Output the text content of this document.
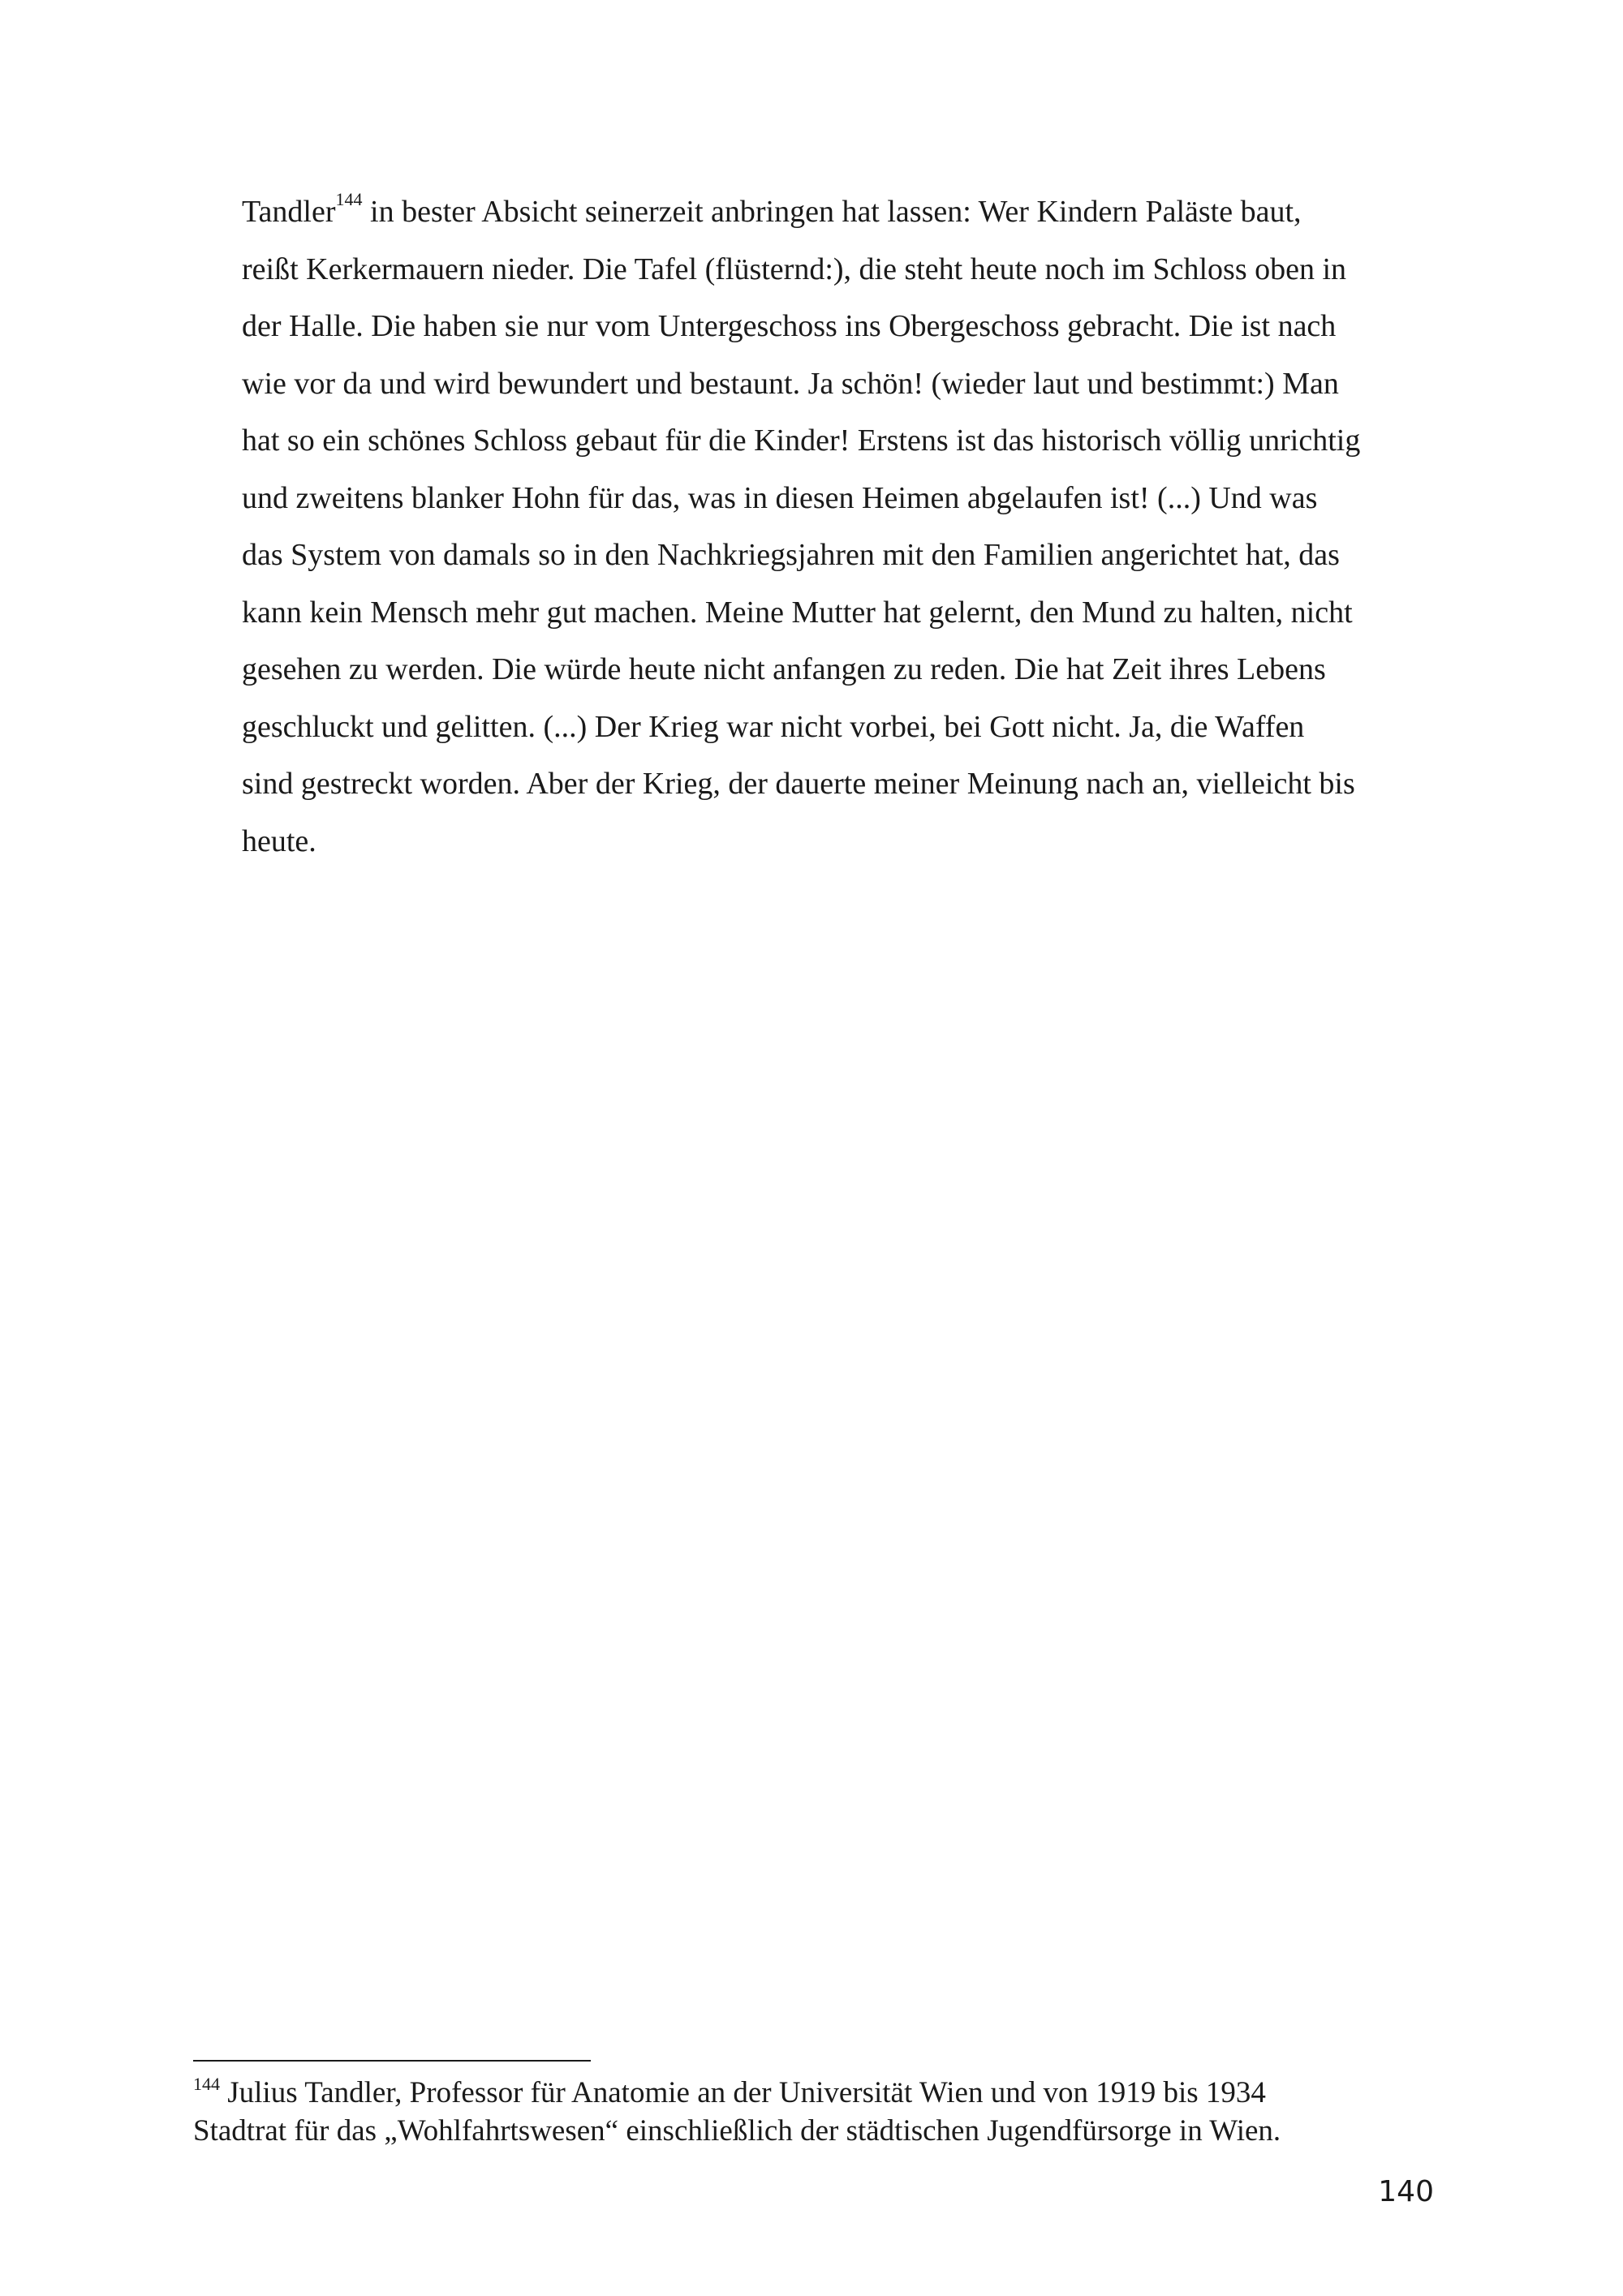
Tandler$^{144}$ in bester Absicht seinerzeit anbringen hat lassen: Wer Kindern Paläste baut,
reißt Kerkermauern nieder. Die Tafel (flüsternd:), die steht heute noch im Schloss oben in
der Halle. Die haben sie nur vom Untergeschoss ins Obergeschoss gebracht. Die ist nach
wie vor da und wird bewundert und bestaunt. Ja schön! (wieder laut und bestimmt:) Man
hat so ein schönes Schloss gebaut für die Kinder! Erstens ist das historisch völlig unrichtig
und zweitens blanker Hohn für das, was in diesen Heimen abgelaufen ist! (...) Und was
das System von damals so in den Nachkriegsjahren mit den Familien angerichtet hat, das
kann kein Mensch mehr gut machen. Meine Mutter hat gelernt, den Mund zu halten, nicht
gesehen zu werden. Die würde heute nicht anfangen zu reden. Die hat Zeit ihres Lebens
geschluckt und gelitten. (...) Der Krieg war nicht vorbei, bei Gott nicht. Ja, die Waffen
sind gestreckt worden. Aber der Krieg, der dauerte meiner Meinung nach an, vielleicht bis
heute.
$^{144}$ Julius Tandler, Professor für Anatomie an der Universität Wien und von 1919 bis 1934
Stadtrat für das „Wohlfahrtswesen“ einschließlich der städtischen Jugendfürsorge in Wien.
140
